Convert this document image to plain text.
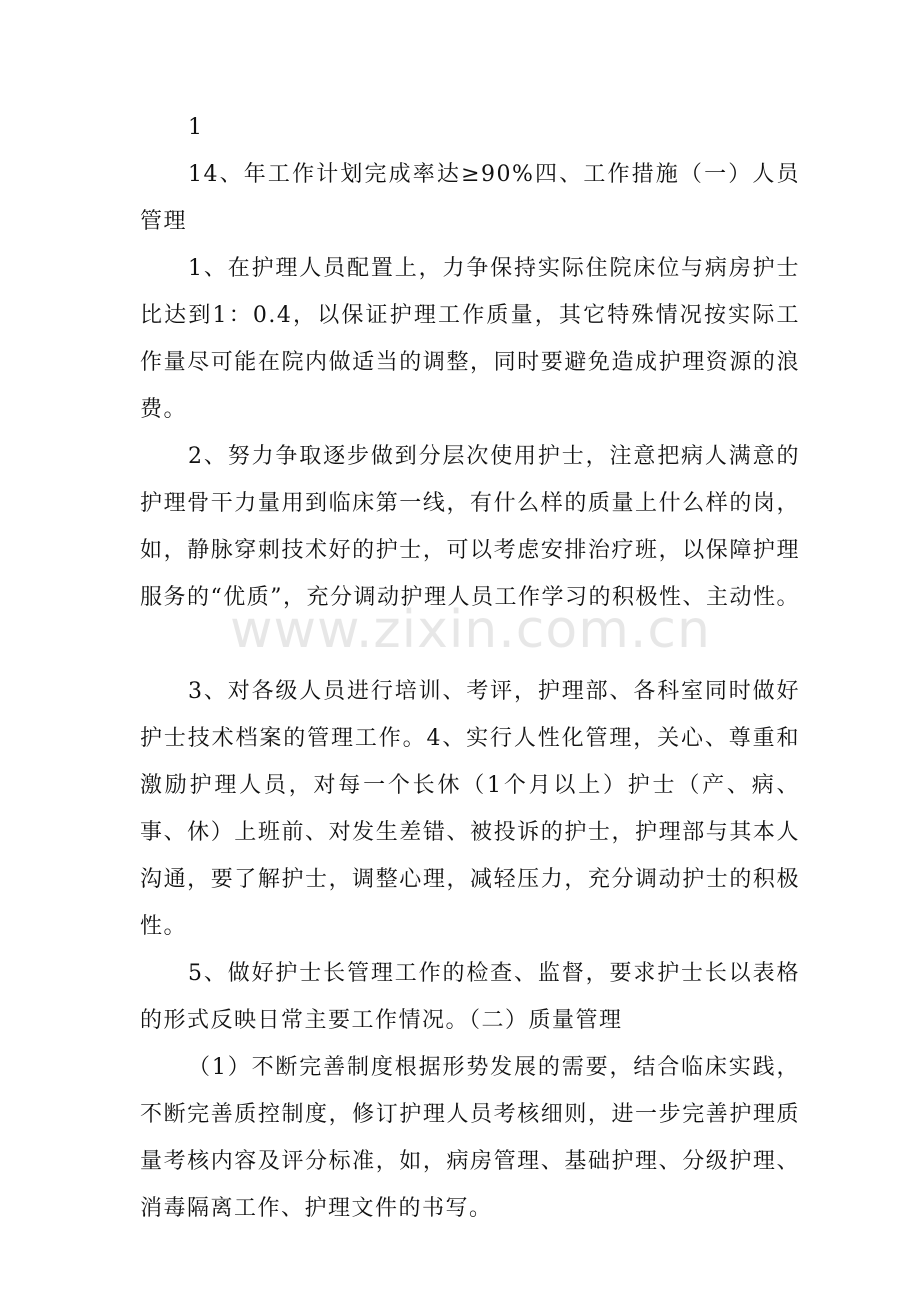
1

14、年工作计划完成率达≥90%四、工作措施（一）人员管理

1、在护理人员配置上，力争保持实际住院床位与病房护士比达到1：0.4，以保证护理工作质量，其它特殊情况按实际工作量尽可能在院内做适当的调整，同时要避免造成护理资源的浪费。

2、努力争取逐步做到分层次使用护士，注意把病人满意的护理骨干力量用到临床第一线，有什么样的质量上什么样的岗，如，静脉穿刺技术好的护士，可以考虑安排治疗班，以保障护理服务的“优质”，充分调动护理人员工作学习的积极性、主动性。

3、对各级人员进行培训、考评，护理部、各科室同时做好护士技术档案的管理工作。4、实行人性化管理，关心、尊重和激励护理人员，对每一个长休（1个月以上）护士（产、病、事、休）上班前、对发生差错、被投诉的护士，护理部与其本人沟通，要了解护士，调整心理，减轻压力，充分调动护士的积极性。

5、做好护士长管理工作的检查、监督，要求护士长以表格的形式反映日常主要工作情况。（二）质量管理

（1）不断完善制度根据形势发展的需要，结合临床实践，不断完善质控制度，修订护理人员考核细则，进一步完善护理质量考核内容及评分标准，如，病房管理、基础护理、分级护理、消毒隔离工作、护理文件的书写。

www.zixin.com.cn
